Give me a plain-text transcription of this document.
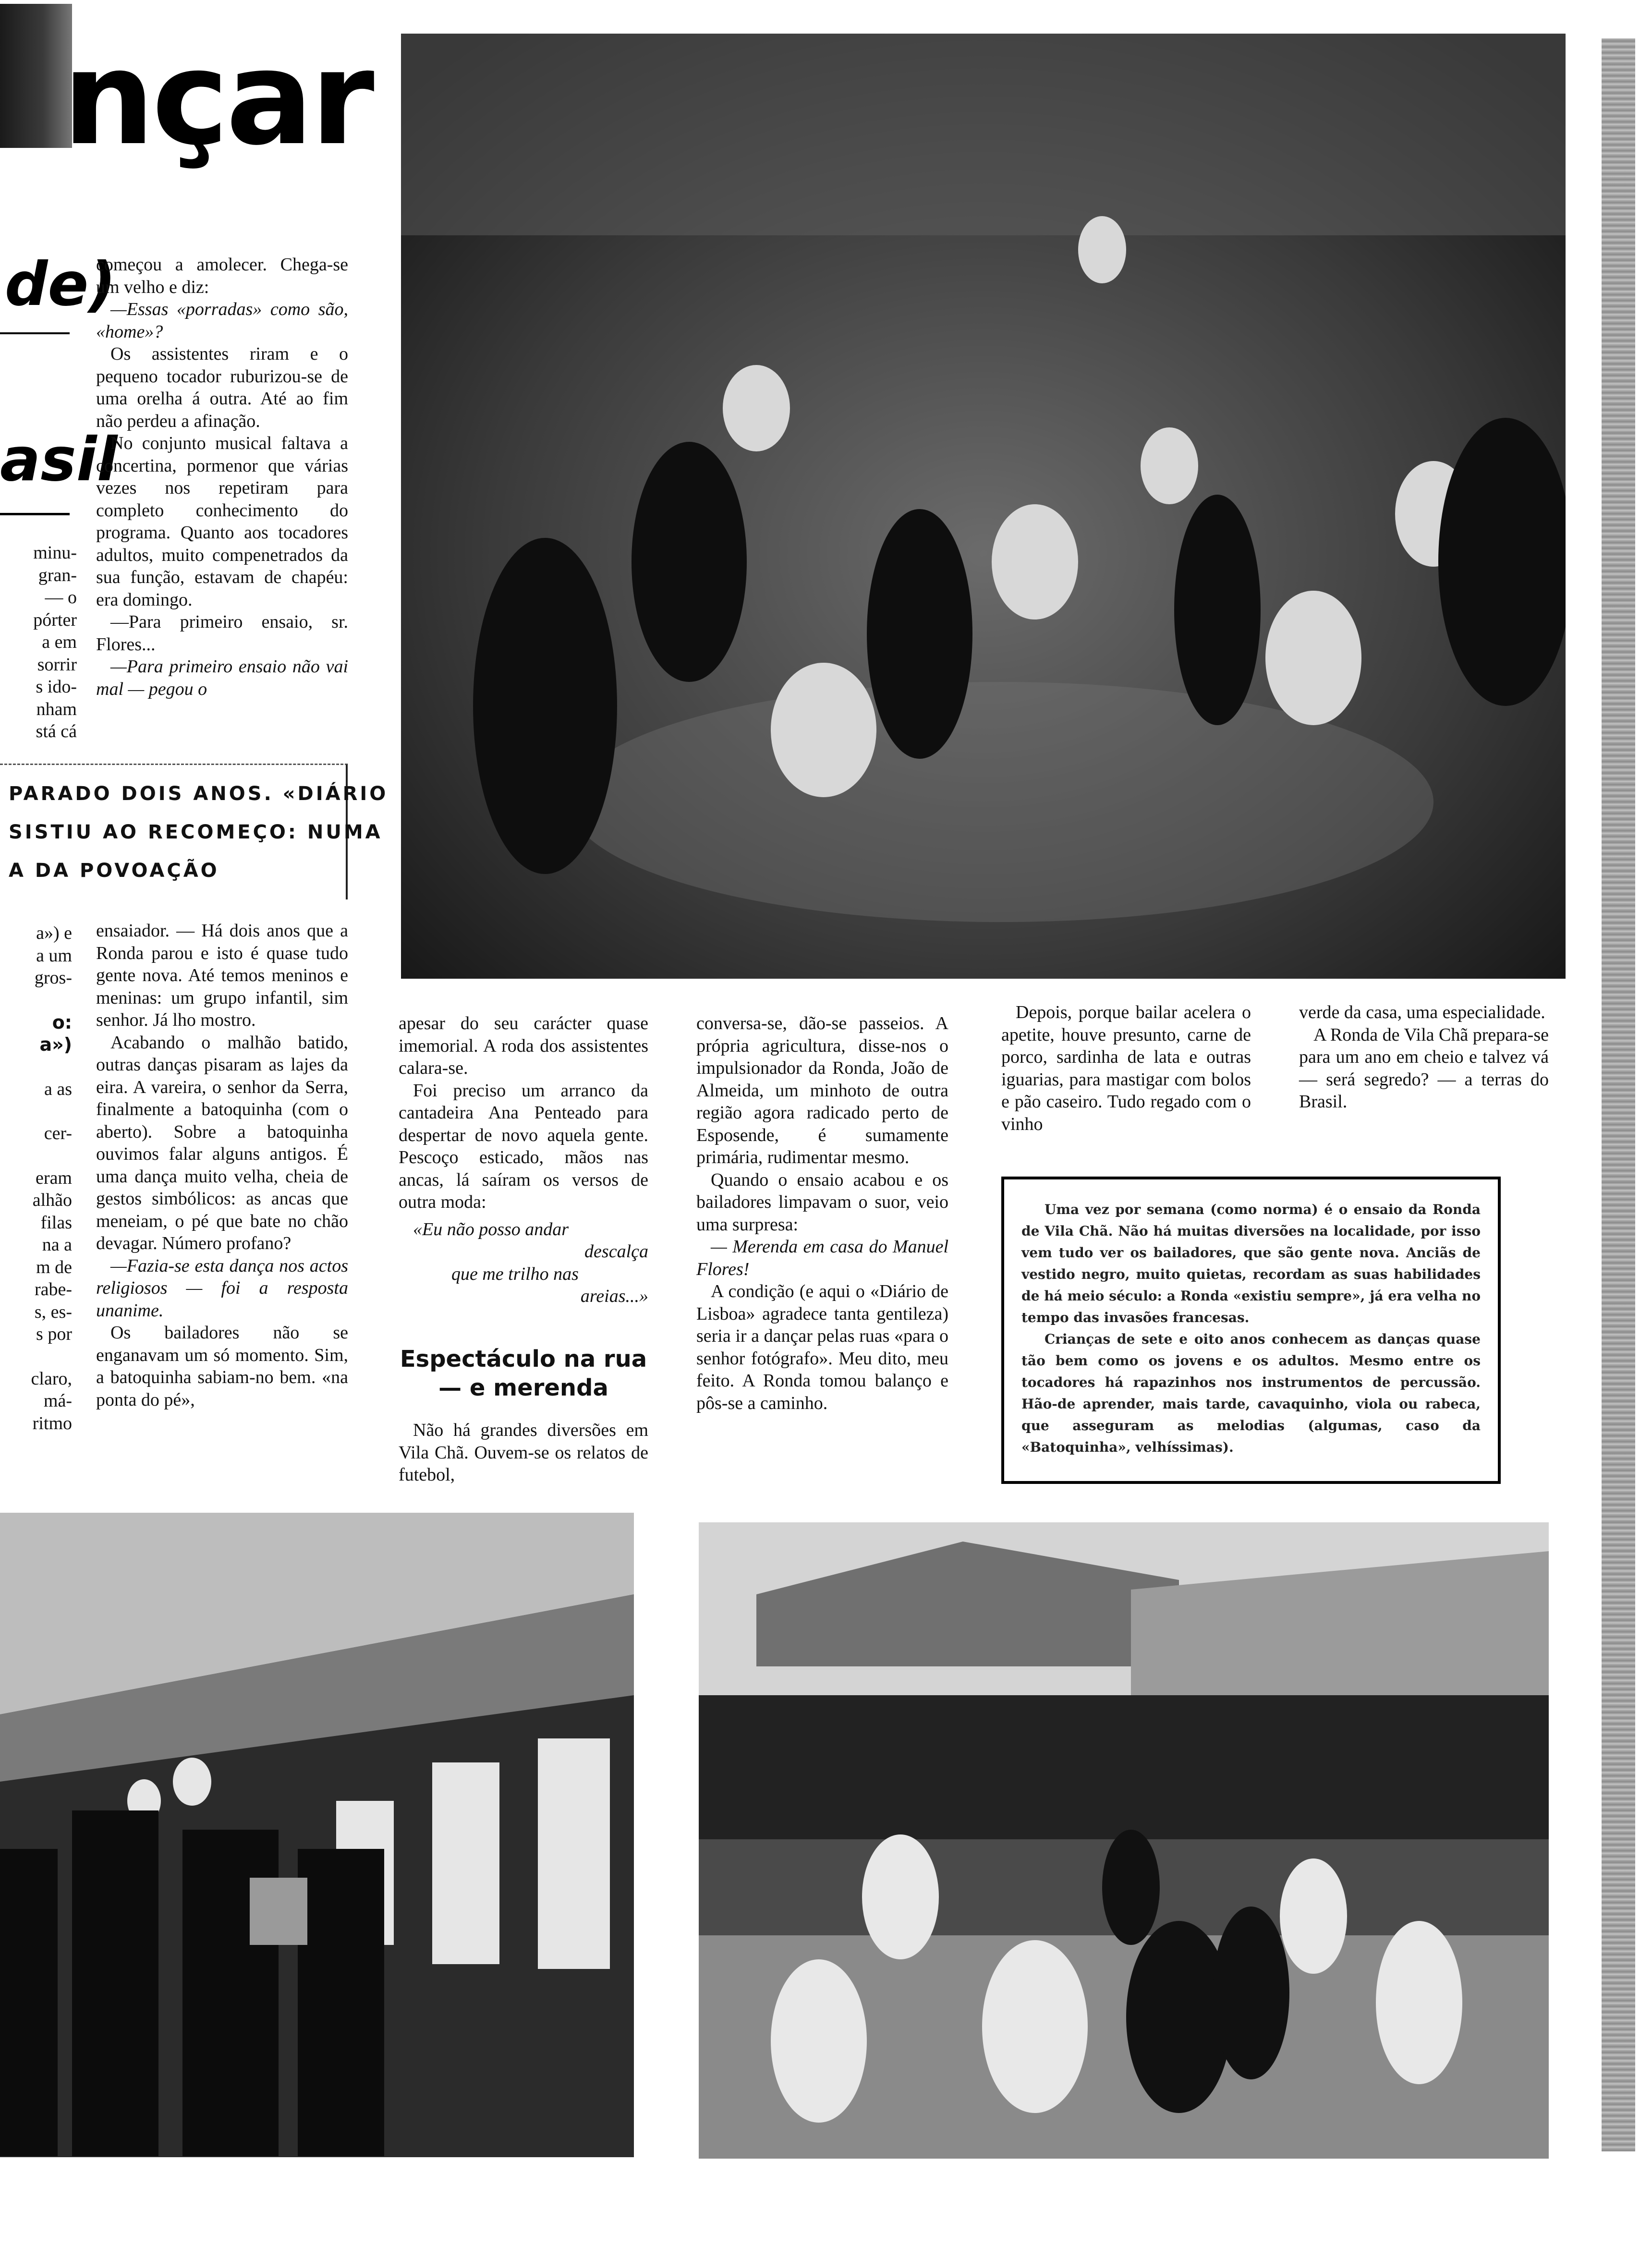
nçar
de)
asil

minu-

gran-

— o

pórter

a em

sorrir

s ido-

nham

stá cá

PARADO DOIS ANOS. «DIÁRIO
SISTIU AO RECOMEÇO: NUMA
A DA POVOAÇÃO

a») e

a um

gros-

o:

a»)

a as

cer-

eram

alhão

filas

na a

m de

rabe-

s, es-

s por

claro,

má-

ritmo

começou a amolecer. Chega-se um velho e diz:

—Essas «porradas» como são, «home»?

Os assistentes riram e o pequeno tocador ruburizou-se de uma orelha á outra. Até ao fim não perdeu a afinação.

No conjunto musical faltava a concertina, pormenor que várias vezes nos repetiram para completo conhecimento do programa. Quanto aos tocadores adultos, muito compenetrados da sua função, estavam de chapéu: era domingo.

—Para primeiro ensaio, sr. Flores...

—Para primeiro ensaio não vai mal — pegou o

ensaiador. — Há dois anos que a Ronda parou e isto é quase tudo gente nova. Até temos meninos e meninas: um grupo infantil, sim senhor. Já lho mostro.

Acabando o malhão batido, outras danças pisaram as lajes da eira. A vareira, o senhor da Serra, finalmente a batoquinha (com o aberto). Sobre a batoquinha ouvimos falar alguns antigos. É uma dança muito velha, cheia de gestos simbólicos: as ancas que meneiam, o pé que bate no chão devagar. Número profano?

—Fazia-se esta dança nos actos religiosos — foi a resposta unanime.

Os bailadores não se enganavam um só momento. Sim, a batoquinha sabiam-no bem. «na ponta do pé»,

apesar do seu carácter quase imemorial. A roda dos assistentes calara-se.

Foi preciso um arranco da cantadeira Ana Penteado para despertar de novo aquela gente. Pescoço esticado, mãos nas ancas, lá saíram os versos de outra moda:

«Eu não posso andar

descalça

que me trilho nas

areias...»

Espectáculo na rua
— e merenda

Não há grandes diversões em Vila Chã. Ouvem-se os relatos de futebol,

conversa-se, dão-se passeios. A própria agricultura, disse-nos o impulsionador da Ronda, João de Almeida, um minhoto de outra região agora radicado perto de Esposende, é sumamente primária, rudimentar mesmo.

Quando o ensaio acabou e os bailadores limpavam o suor, veio uma surpresa:

— Merenda em casa do Manuel Flores!

A condição (e aqui o «Diário de Lisboa» agradece tanta gentileza) seria ir a dançar pelas ruas «para o senhor fotógrafo». Meu dito, meu feito. A Ronda tomou balanço e pôs-se a caminho.

Depois, porque bailar acelera o apetite, houve presunto, carne de porco, sardinha de lata e outras iguarias, para mastigar com bolos e pão caseiro. Tudo regado com o vinho

verde da casa, uma especialidade.

A Ronda de Vila Chã prepara-se para um ano em cheio e talvez vá — será segredo? — a terras do Brasil.

Uma vez por semana (como norma) é o ensaio da Ronda de Vila Chã. Não há muitas diversões na localidade, por isso vem tudo ver os bailadores, que são gente nova. Anciãs de vestido negro, muito quietas, recordam as suas habilidades de há meio século: a Ronda «existiu sempre», já era velha no tempo das invasões francesas.

Crianças de sete e oito anos conhecem as danças quase tão bem como os jovens e os adultos. Mesmo entre os tocadores há rapazinhos nos instrumentos de percussão. Hão-de aprender, mais tarde, cavaquinho, viola ou rabeca, que asseguram as melodias (algumas, caso da «Batoquinha», velhíssimas).
